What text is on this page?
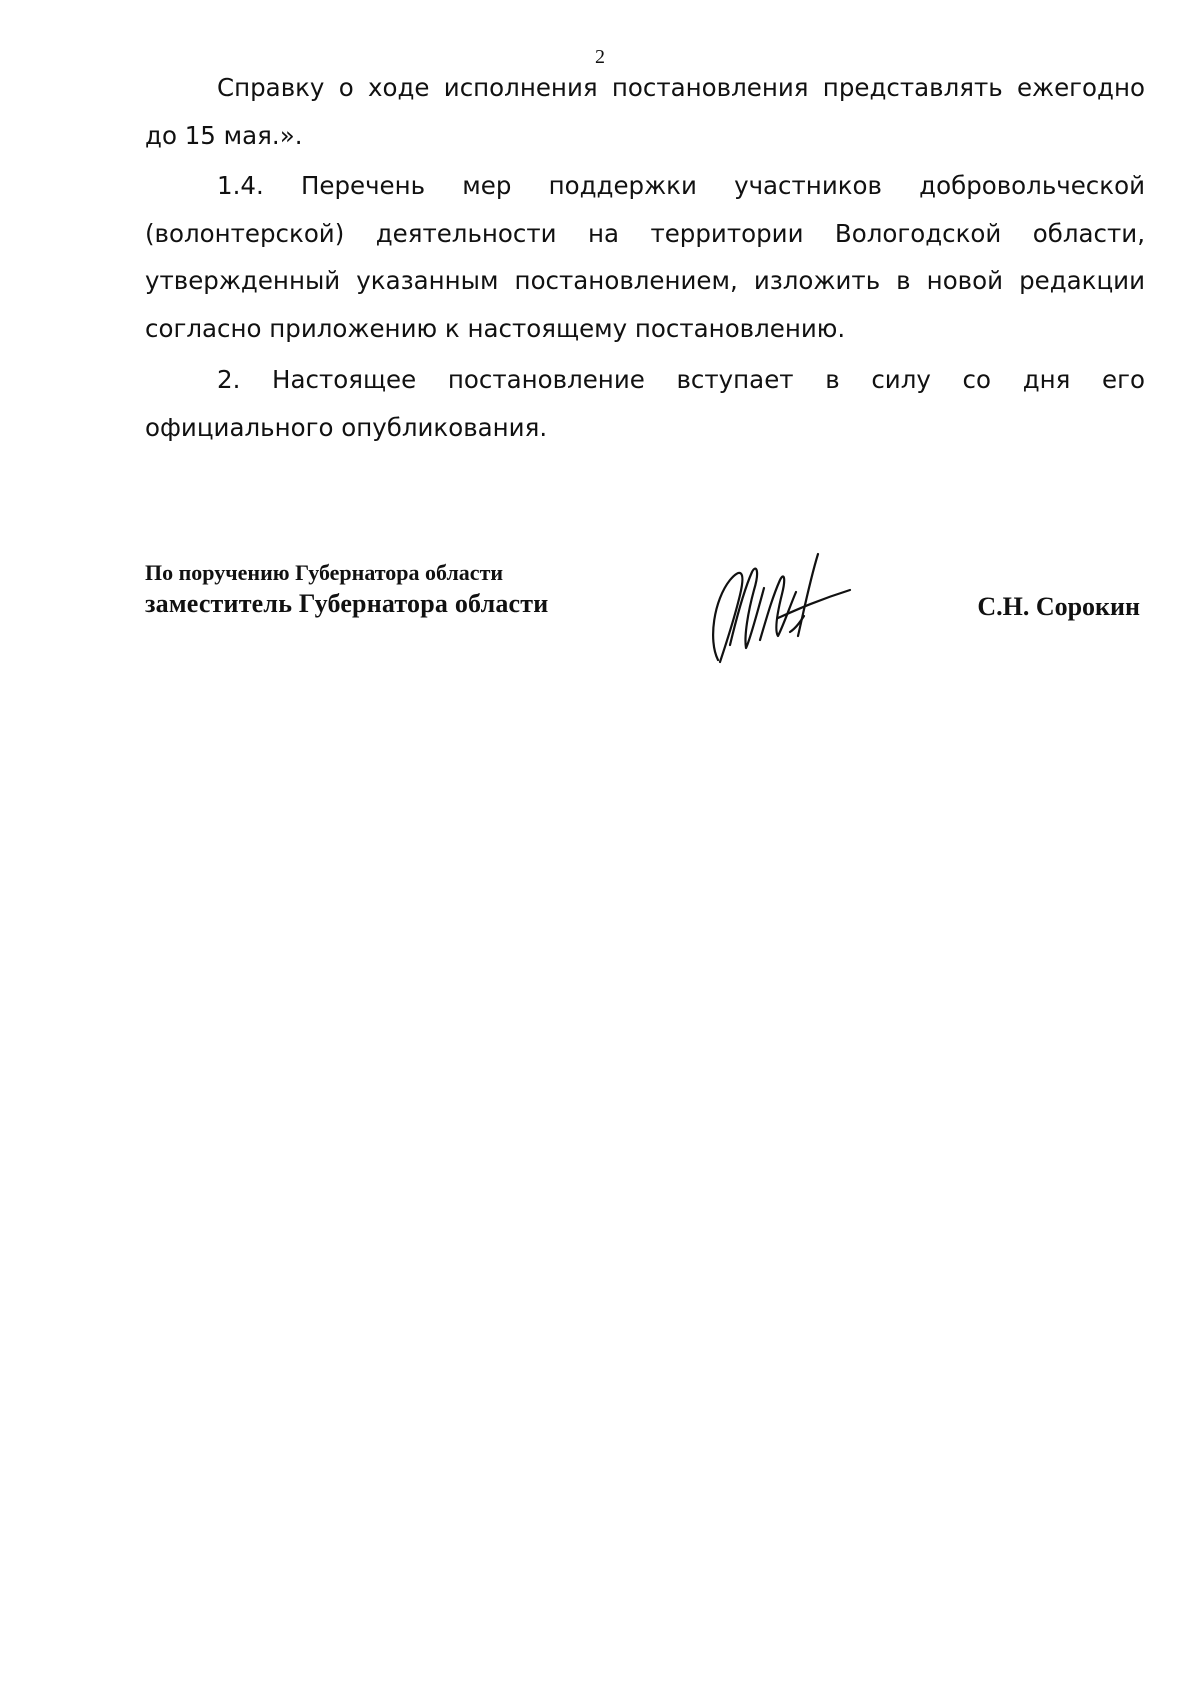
2

Справку о ходе исполнения постановления представлять ежегодно до 15 мая.».

1.4. Перечень мер поддержки участников добровольческой (волонтерской) деятельности на территории Вологодской области, утвержденный указанным постановлением, изложить в новой редакции согласно приложению к настоящему постановлению.

2. Настоящее постановление вступает в силу со дня его официального опубликования.

По поручению Губернатора области
заместитель Губернатора области	С.Н. Сорокин
